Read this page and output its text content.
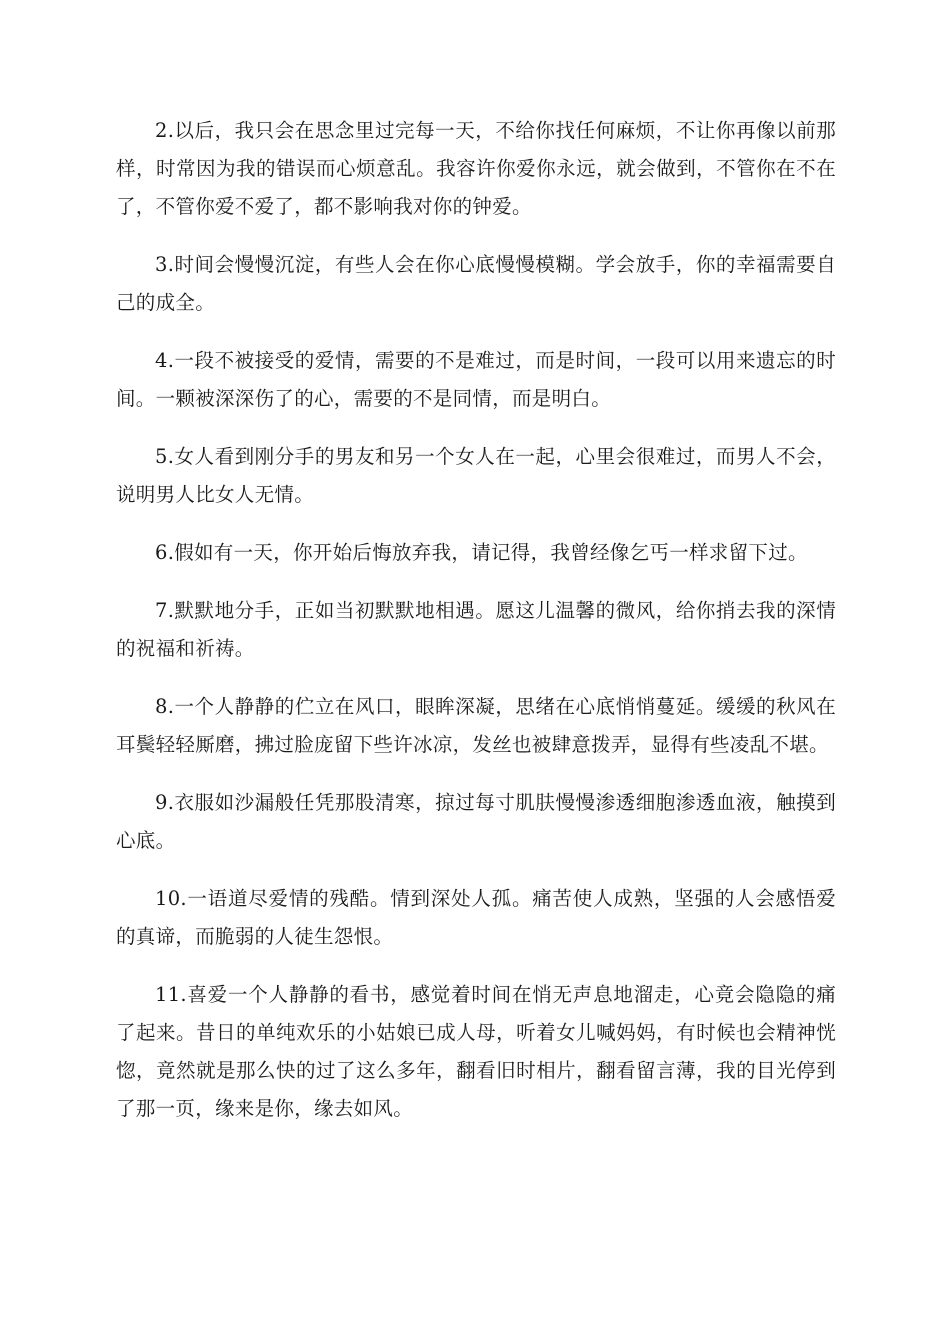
2.以后，我只会在思念里过完每一天，不给你找任何麻烦，不让你再像以前那样，时常因为我的错误而心烦意乱。我容许你爱你永远，就会做到，不管你在不在了，不管你爱不爱了，都不影响我对你的钟爱。

3.时间会慢慢沉淀，有些人会在你心底慢慢模糊。学会放手，你的幸福需要自己的成全。

4.一段不被接受的爱情，需要的不是难过，而是时间，一段可以用来遗忘的时间。一颗被深深伤了的心，需要的不是同情，而是明白。

5.女人看到刚分手的男友和另一个女人在一起，心里会很难过，而男人不会，说明男人比女人无情。

6.假如有一天，你开始后悔放弃我，请记得，我曾经像乞丐一样求留下过。

7.默默地分手，正如当初默默地相遇。愿这儿温馨的微风，给你捎去我的深情的祝福和祈祷。

8.一个人静静的伫立在风口，眼眸深凝，思绪在心底悄悄蔓延。缓缓的秋风在耳鬓轻轻厮磨，拂过脸庞留下些许冰凉，发丝也被肆意拨弄，显得有些凌乱不堪。

9.衣服如沙漏般任凭那股清寒，掠过每寸肌肤慢慢渗透细胞渗透血液，触摸到心底。

10.一语道尽爱情的残酷。情到深处人孤。痛苦使人成熟，坚强的人会感悟爱的真谛，而脆弱的人徒生怨恨。

11.喜爱一个人静静的看书，感觉着时间在悄无声息地溜走，心竟会隐隐的痛了起来。昔日的单纯欢乐的小姑娘已成人母，听着女儿喊妈妈，有时候也会精神恍惚，竟然就是那么快的过了这么多年，翻看旧时相片，翻看留言薄，我的目光停到了那一页，缘来是你，缘去如风。
